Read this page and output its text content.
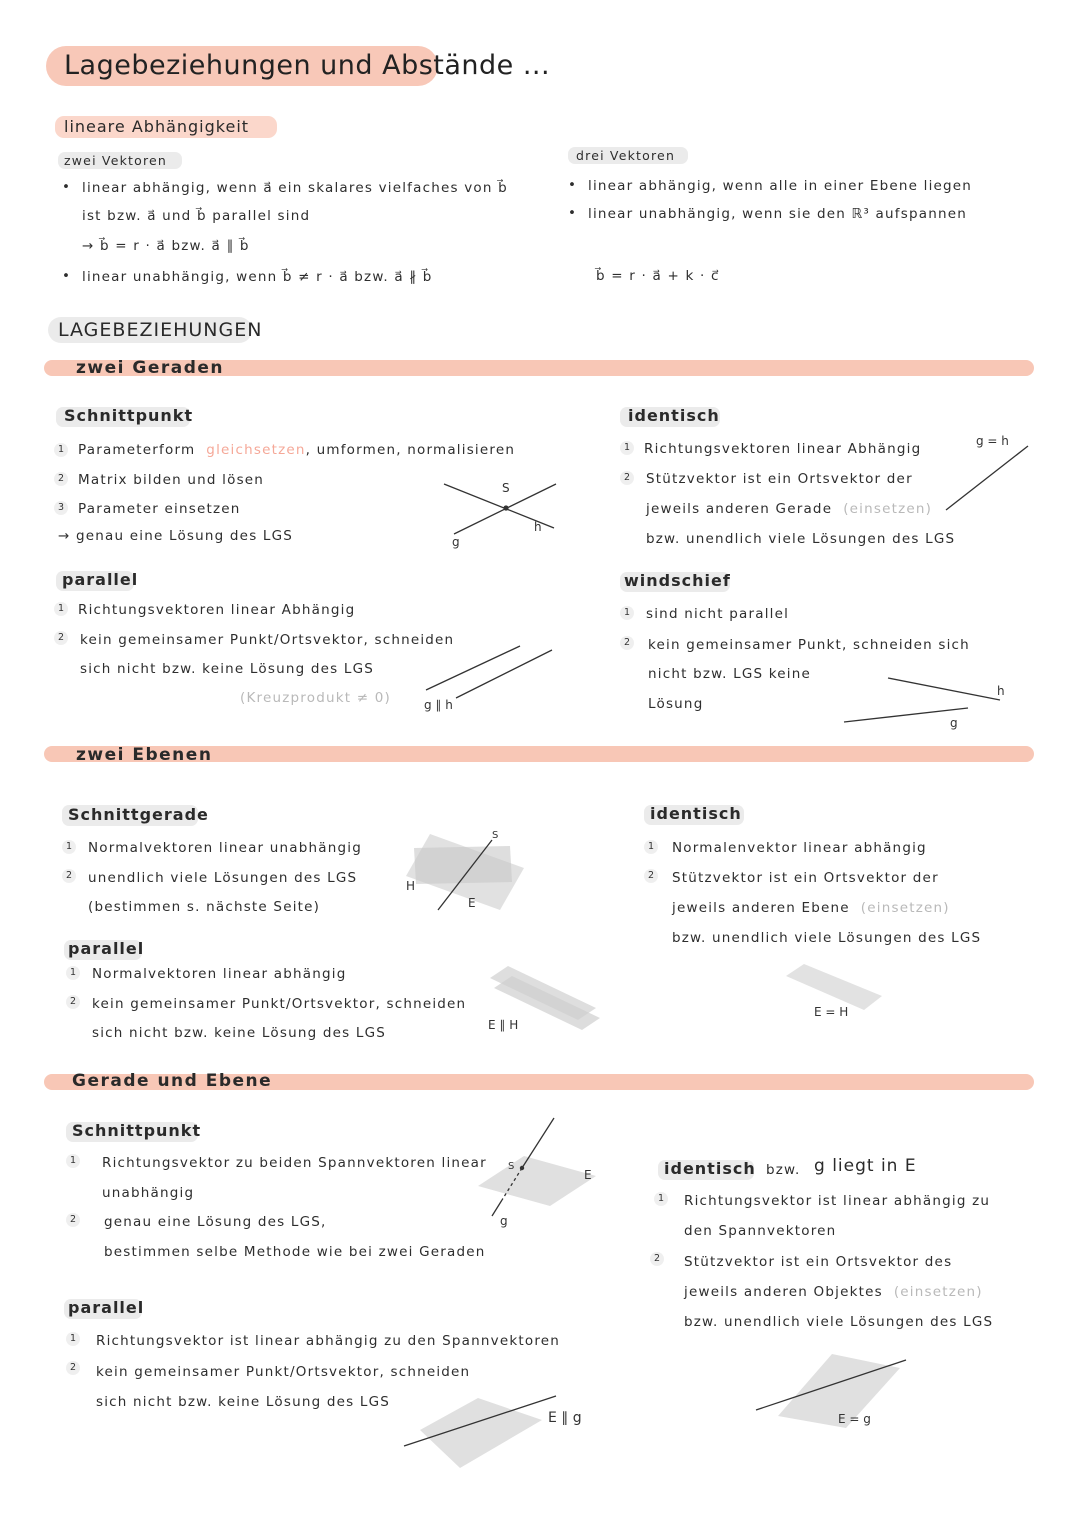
Lagebeziehungen und Abstände ...
lineare Abhängigkeit
zwei Vektoren
• linear abhängig, wenn a⃗ ein skalares vielfaches von b⃗
ist bzw. a⃗ und b⃗ parallel sind
→ b⃗ = r · a⃗ bzw. a⃗ ∥ b⃗
• linear unabhängig, wenn b⃗ ≠ r · a⃗ bzw. a⃗ ∦ b⃗
drei Vektoren
• linear abhängig, wenn alle in einer Ebene liegen
• linear unabhängig, wenn sie den ℝ³ aufspannen
b⃗ = r · a⃗ + k · c⃗
LAGEBEZIEHUNGEN
zwei Geraden
Schnittpunkt
1 Parameterform gleichsetzen, umformen, normalisieren
2 Matrix bilden und lösen
3 Parameter einsetzen
→ genau eine Lösung des LGS
S
h
g
identisch
1 Richtungsvektoren linear Abhängig
2 Stützvektor ist ein Ortsvektor der
jeweils anderen Gerade (einsetzen)
bzw. unendlich viele Lösungen des LGS
g = h
parallel
1 Richtungsvektoren linear Abhängig
2 kein gemeinsamer Punkt/Ortsvektor, schneiden
sich nicht bzw. keine Lösung des LGS
(Kreuzprodukt ≠ 0)	g ∥ h
windschief
1 sind nicht parallel
2 kein gemeinsamer Punkt, schneiden sich
nicht bzw. LGS keine
Lösung
h
g
zwei Ebenen
Schnittgerade
1 Normalvektoren linear unabhängig
2 unendlich viele Lösungen des LGS
(bestimmen s. nächste Seite)
S
H
E
identisch
1 Normalenvektor linear abhängig
2 Stützvektor ist ein Ortsvektor der
jeweils anderen Ebene (einsetzen)
bzw. unendlich viele Lösungen des LGS
E = H
parallel
1 Normalvektoren linear abhängig
2 kein gemeinsamer Punkt/Ortsvektor, schneiden
sich nicht bzw. keine Lösung des LGS	E ∥ H
Gerade und Ebene
Schnittpunkt
1 Richtungsvektor zu beiden Spannvektoren linear
unabhängig
2 genau eine Lösung des LGS,
bestimmen selbe Methode wie bei zwei Geraden
S
E
g
identisch bzw. g liegt in E
1 Richtungsvektor ist linear abhängig zu
den Spannvektoren
2 Stützvektor ist ein Ortsvektor des
jeweils anderen Objektes (einsetzen)
bzw. unendlich viele Lösungen des LGS
E = g
parallel
1 Richtungsvektor ist linear abhängig zu den Spannvektoren
2 kein gemeinsamer Punkt/Ortsvektor, schneiden
sich nicht bzw. keine Lösung des LGS
E ∥ g
